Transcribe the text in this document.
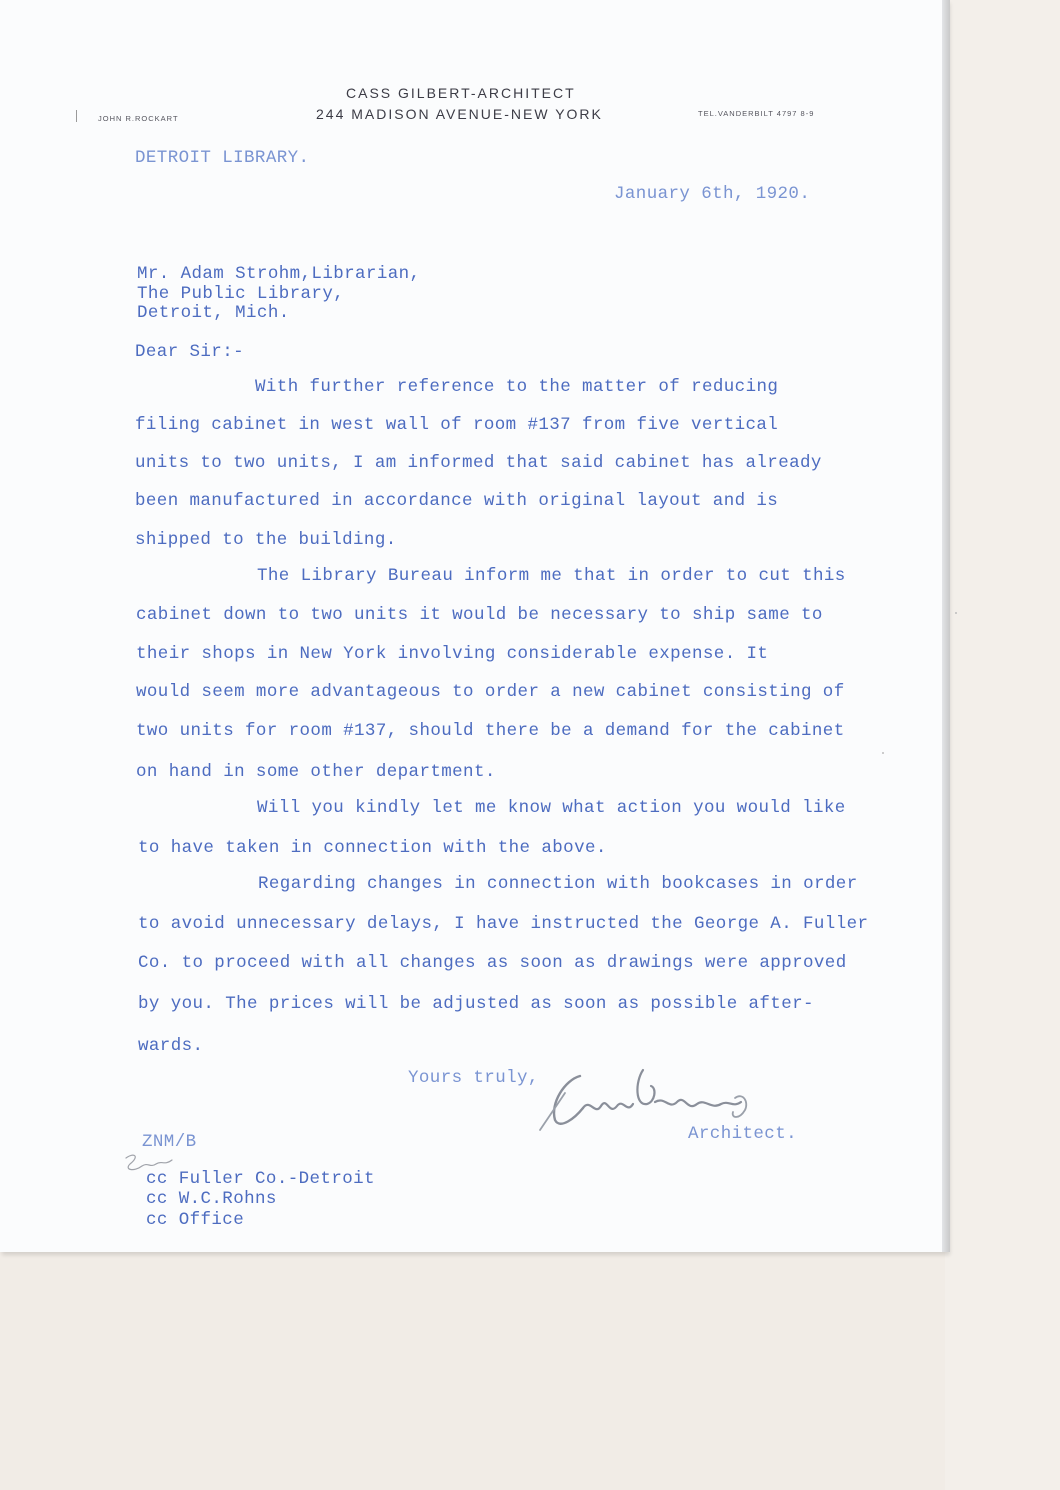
CASS GILBERT-ARCHITECT
244 MADISON AVENUE-NEW YORK
JOHN R.ROCKART
TEL.VANDERBILT 4797 8-9
DETROIT LIBRARY.
January 6th, 1920.
Mr. Adam Strohm,Librarian,
The Public Library,
Detroit, Mich.
Dear Sir:-
With further reference to the matter of reducing
filing cabinet in west wall of room #137 from five vertical
units to two units, I am informed that said cabinet has already
been manufactured in accordance with original layout and is
shipped to the building.
The Library Bureau inform me that in order to cut this
cabinet down to two units it would be necessary to ship same to
their shops in New York involving considerable expense. It
would seem more advantageous to order a new cabinet consisting of
two units for room #137, should there be a demand for the cabinet
on hand in some other department.
Will you kindly let me know what action you would like
to have taken in connection with the above.
Regarding changes in connection with bookcases in order
to avoid unnecessary delays, I have instructed the George A. Fuller
Co. to proceed with all changes as soon as drawings were approved
by you. The prices will be adjusted as soon as possible after-
wards.
Yours truly,
Architect.
ZNM/B
cc Fuller Co.-Detroit
cc W.C.Rohns
cc Office
